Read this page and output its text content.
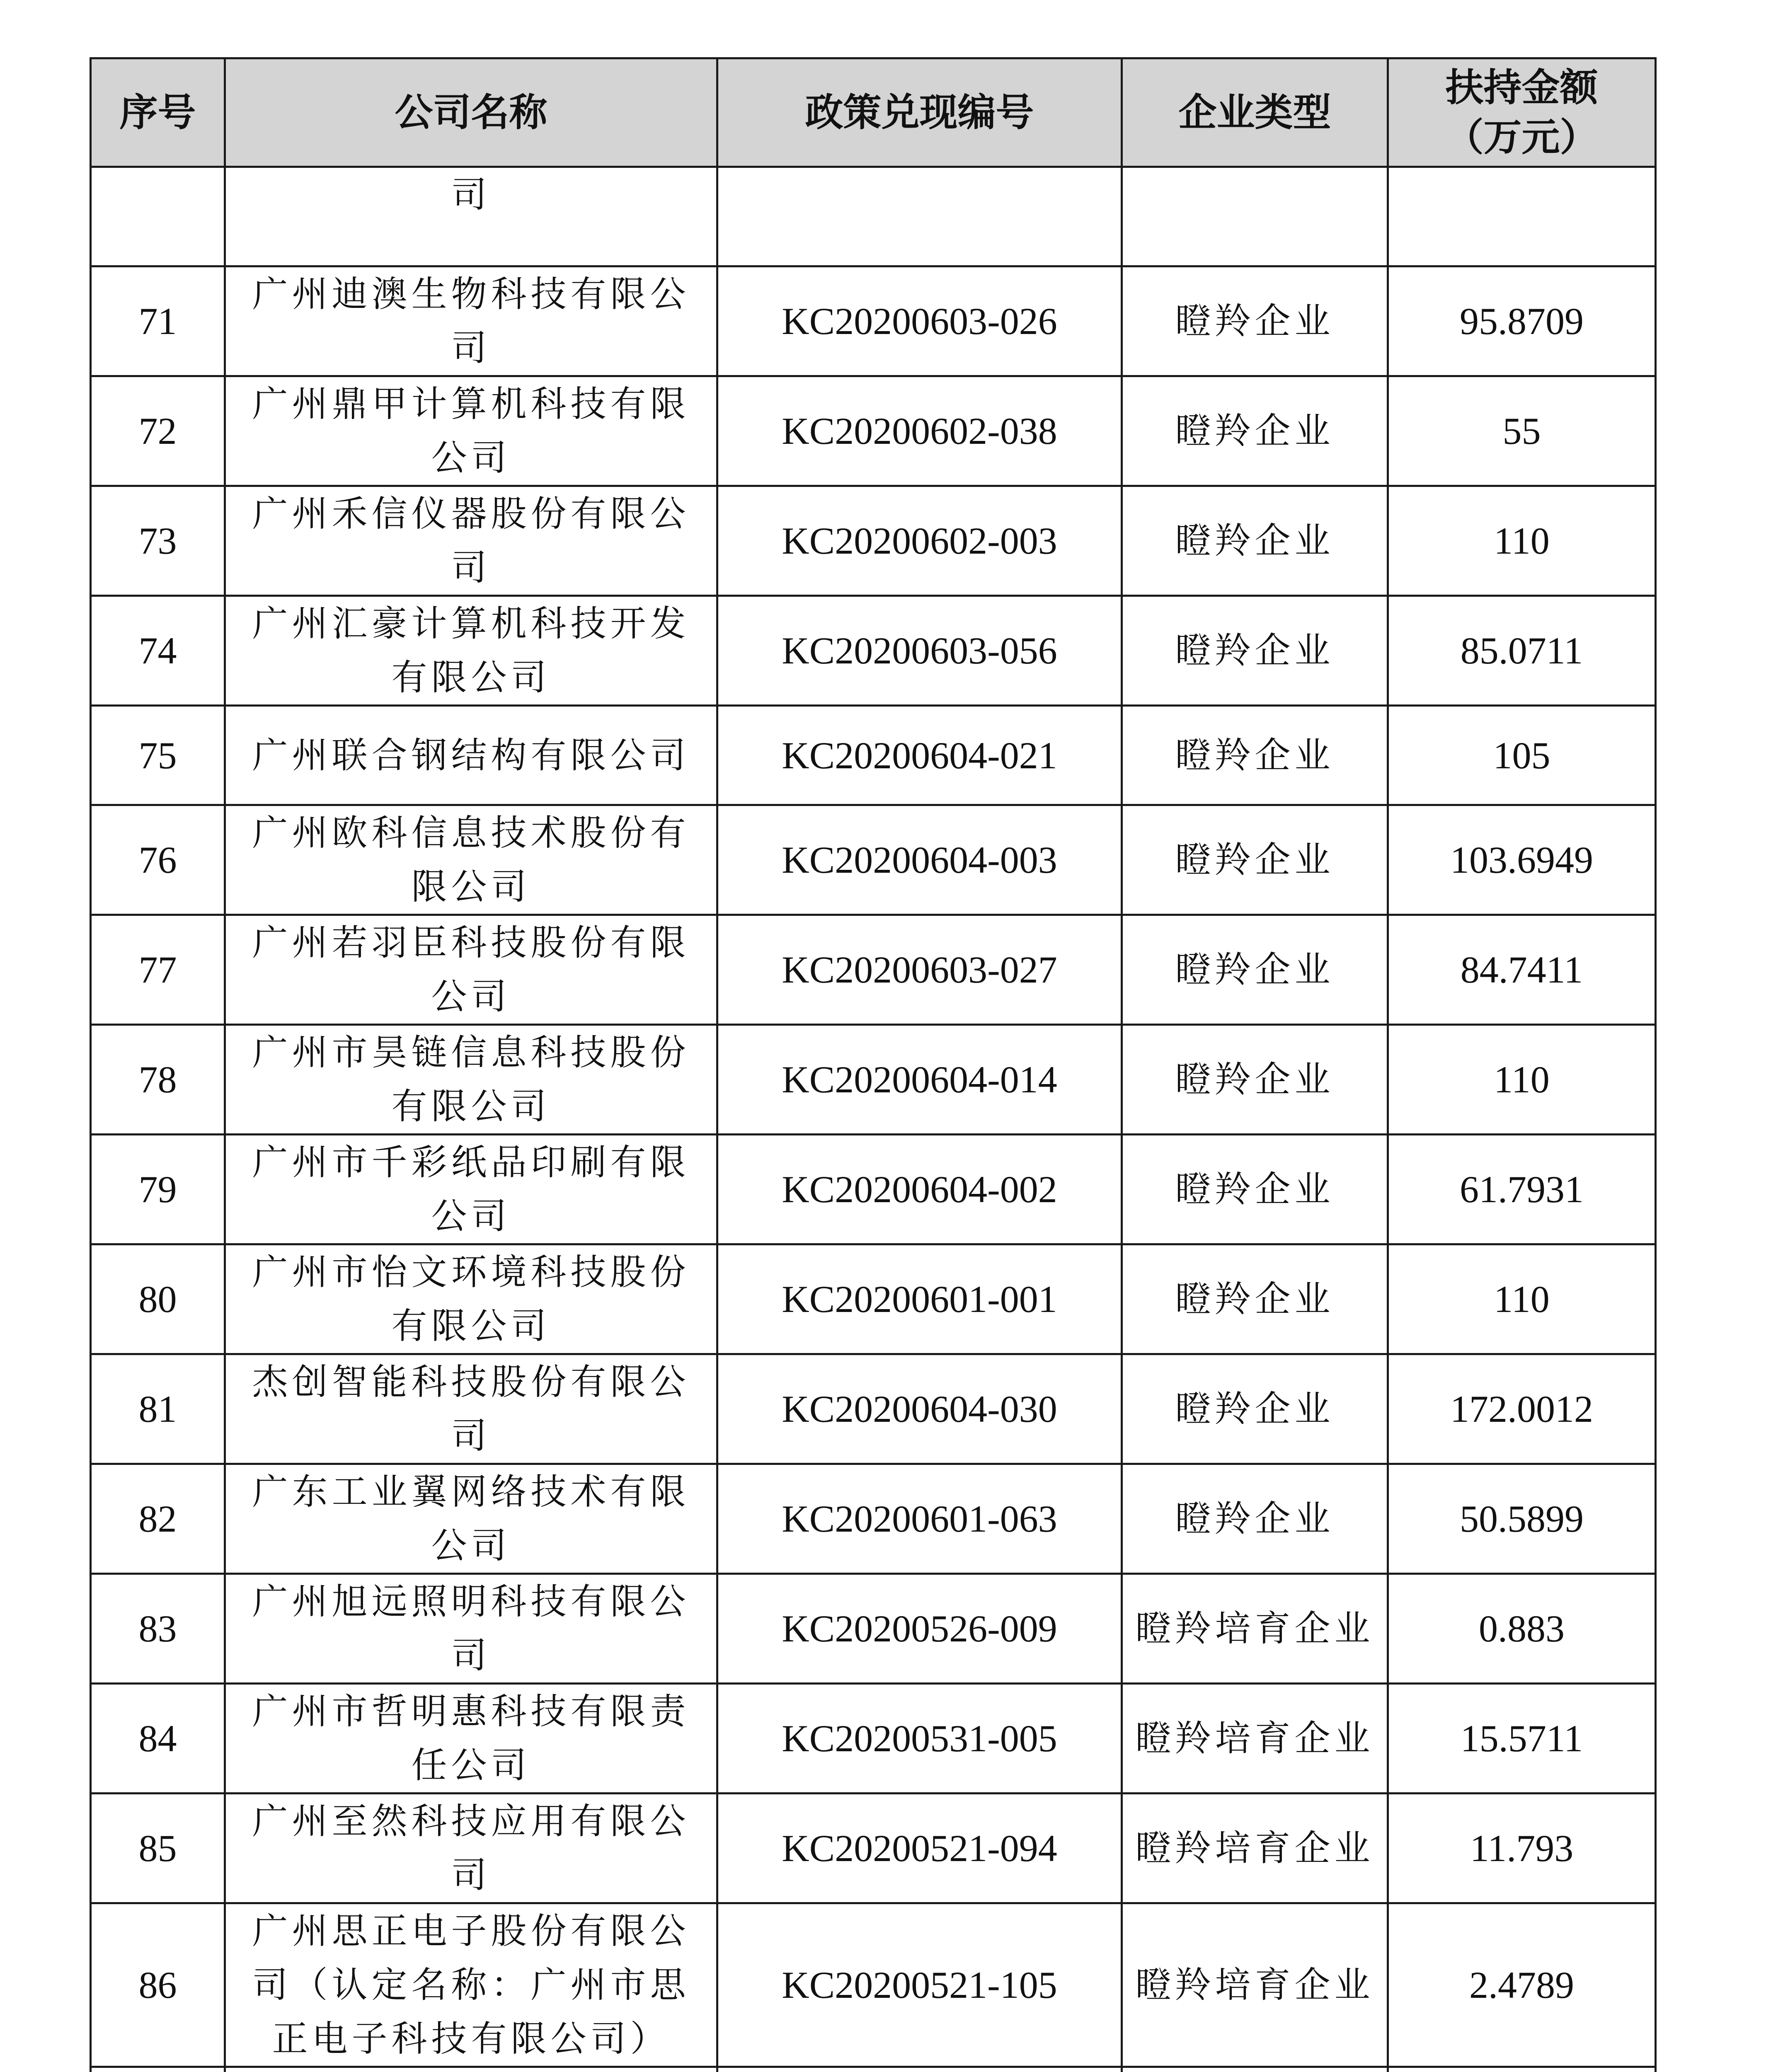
序号	公司名称	政策兑现编号	企业类型	扶持金额
（万元）

	司			
71	广州迪澳生物科技有限公司	KC20200603-026	瞪羚企业	95.8709
72	广州鼎甲计算机科技有限公司	KC20200602-038	瞪羚企业	55
73	广州禾信仪器股份有限公司	KC20200602-003	瞪羚企业	110
74	广州汇豪计算机科技开发有限公司	KC20200603-056	瞪羚企业	85.0711
75	广州联合钢结构有限公司	KC20200604-021	瞪羚企业	105
76	广州欧科信息技术股份有限公司	KC20200604-003	瞪羚企业	103.6949
77	广州若羽臣科技股份有限公司	KC20200603-027	瞪羚企业	84.7411
78	广州市昊链信息科技股份有限公司	KC20200604-014	瞪羚企业	110
79	广州市千彩纸品印刷有限公司	KC20200604-002	瞪羚企业	61.7931
80	广州市怡文环境科技股份有限公司	KC20200601-001	瞪羚企业	110
81	杰创智能科技股份有限公司	KC20200604-030	瞪羚企业	172.0012
82	广东工业翼网络技术有限公司	KC20200601-063	瞪羚企业	50.5899
83	广州旭远照明科技有限公司	KC20200526-009	瞪羚培育企业	0.883
84	广州市哲明惠科技有限责任公司	KC20200531-005	瞪羚培育企业	15.5711
85	广州至然科技应用有限公司	KC20200521-094	瞪羚培育企业	11.793
86	广州思正电子股份有限公司（认定名称：广州市思正电子科技有限公司）	KC20200521-105	瞪羚培育企业	2.4789
